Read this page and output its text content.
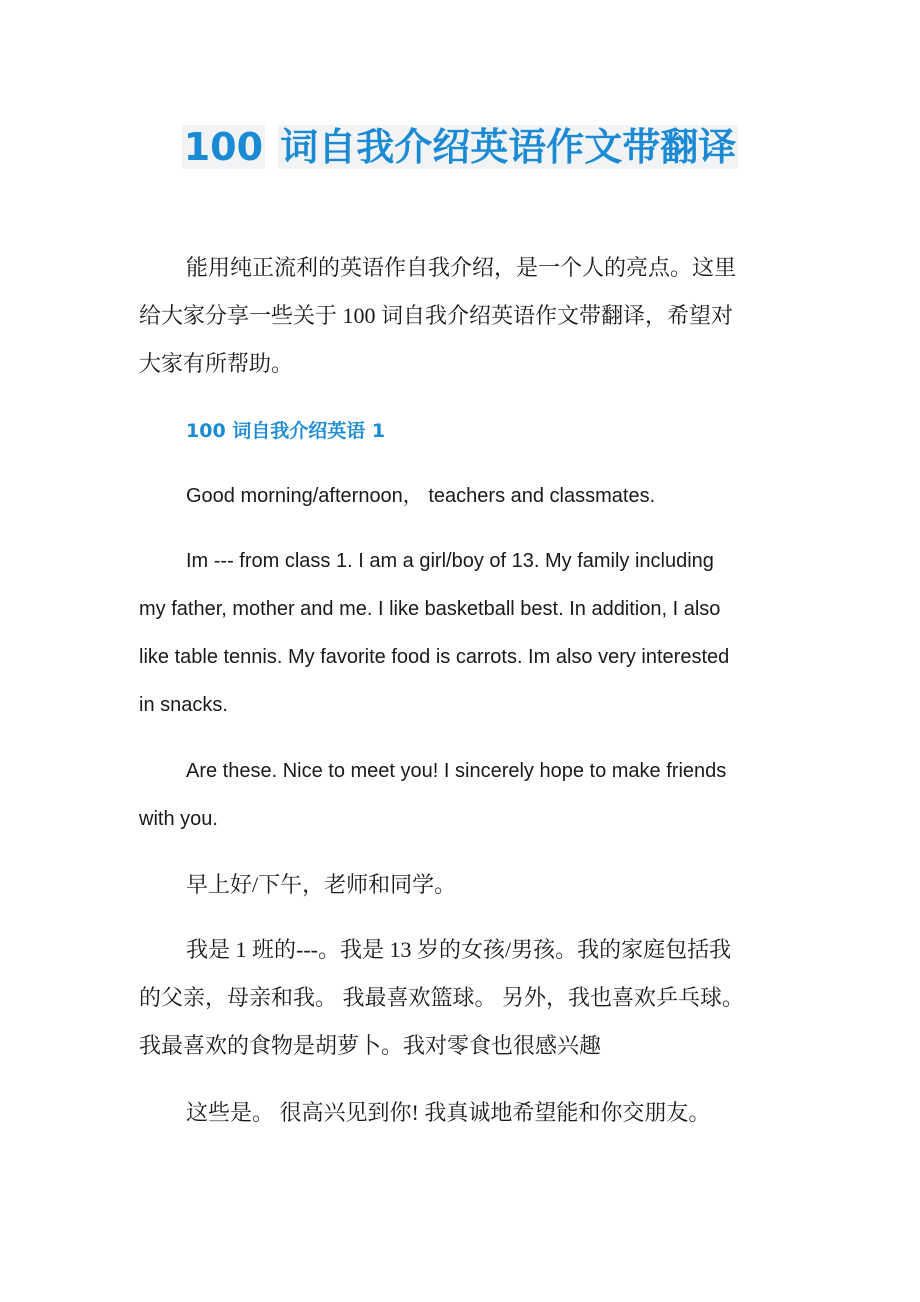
100 词自我介绍英语作文带翻译
能用纯正流利的英语作自我介绍，是一个人的亮点。这里
给大家分享一些关于 100 词自我介绍英语作文带翻译，希望对
大家有所帮助。
100 词自我介绍英语 1
Good morning/afternoon， teachers and classmates.
Im --- from class 1. I am a girl/boy of 13. My family including
my father, mother and me. I like basketball best. In addition, I also
like table tennis. My favorite food is carrots. Im also very interested
in snacks.
Are these. Nice to meet you! I sincerely hope to make friends
with you.
早上好/下午，老师和同学。
我是 1 班的---。我是 13 岁的女孩/男孩。我的家庭包括我
的父亲，母亲和我。 我最喜欢篮球。 另外，我也喜欢乒乓球。
我最喜欢的食物是胡萝卜。我对零食也很感兴趣
这些是。 很高兴见到你! 我真诚地希望能和你交朋友。
